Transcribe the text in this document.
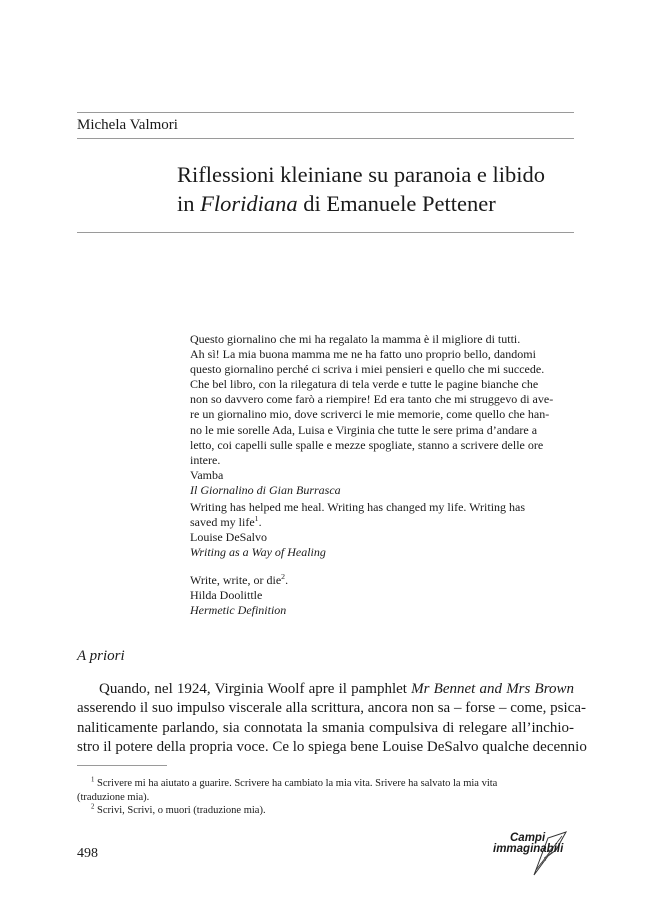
Michela Valmori
Riflessioni kleiniane su paranoia e libido
in Floridiana di Emanuele Pettener
Questo giornalino che mi ha regalato la mamma è il migliore di tutti.
Ah sì! La mia buona mamma me ne ha fatto uno proprio bello, dandomi
questo giornalino perché ci scriva i miei pensieri e quello che mi succede.
Che bel libro, con la rilegatura di tela verde e tutte le pagine bianche che
non so davvero come farò a riempire! Ed era tanto che mi struggevo di ave-
re un giornalino mio, dove scriverci le mie memorie, come quello che han-
no le mie sorelle Ada, Luisa e Virginia che tutte le sere prima d’andare a
letto, coi capelli sulle spalle e mezze spogliate, stanno a scrivere delle ore
intere.
Vamba
Il Giornalino di Gian Burrasca
Writing has helped me heal. Writing has changed my life. Writing has
saved my life$^1$.
Louise DeSalvo
Writing as a Way of Healing
Write, write, or die$^2$.
Hilda Doolittle
Hermetic Definition
A priori
Quando, nel 1924, Virginia Woolf apre il pamphlet Mr Bennet and Mrs Brown
asserendo il suo impulso viscerale alla scrittura, ancora non sa – forse – come, psica-
naliticamente parlando, sia connotata la smania compulsiva di relegare all’inchio-
stro il potere della propria voce. Ce lo spiega bene Louise DeSalvo qualche decennio
$^1$ Scrivere mi ha aiutato a guarire. Scrivere ha cambiato la mia vita. Srivere ha salvato la mia vita
(traduzione mia).
$^2$ Scrivi, Scrivi, o muori (traduzione mia).
498
Campi
immaginabili
